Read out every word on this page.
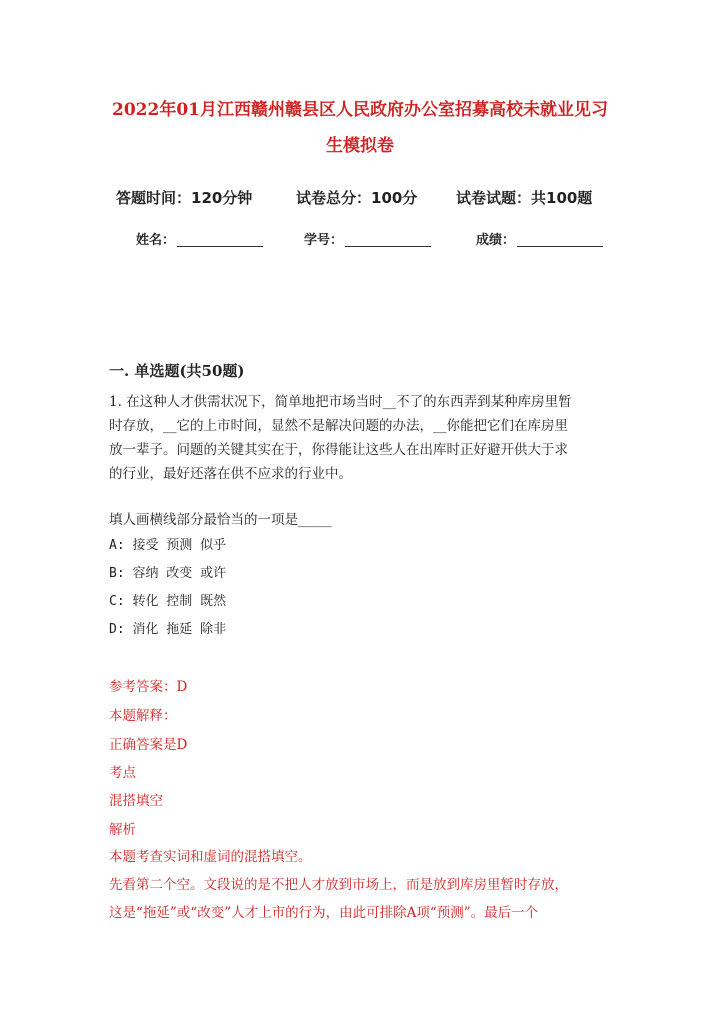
2022年01月江西赣州赣县区人民政府办公室招募高校未就业见习
生模拟卷
答题时间：120分钟	试卷总分：100分	试卷试题：共100题
姓名：	学号：	成绩：
一. 单选题(共50题)

1. 在这种人才供需状况下，简单地把市场当时__不了的东西弄到某种库房里暂

时存放，__它的上市时间，显然不是解决问题的办法，__你能把它们在库房里

放一辈子。问题的关键其实在于，你得能让这些人在出库时正好避开供大于求

的行业，最好还落在供不应求的行业中。

填人画横线部分最恰当的一项是_____
A: 接受 预测 似乎
B: 容纳 改变 或许
C: 转化 控制 既然
D: 消化 拖延 除非
参考答案：D
本题解释：
正确答案是D
考点
混搭填空
解析
本题考查实词和虚词的混搭填空。
先看第二个空。文段说的是不把人才放到市场上，而是放到库房里暂时存放，
这是“拖延”或“改变”人才上市的行为，由此可排除A项“预测”。最后一个
